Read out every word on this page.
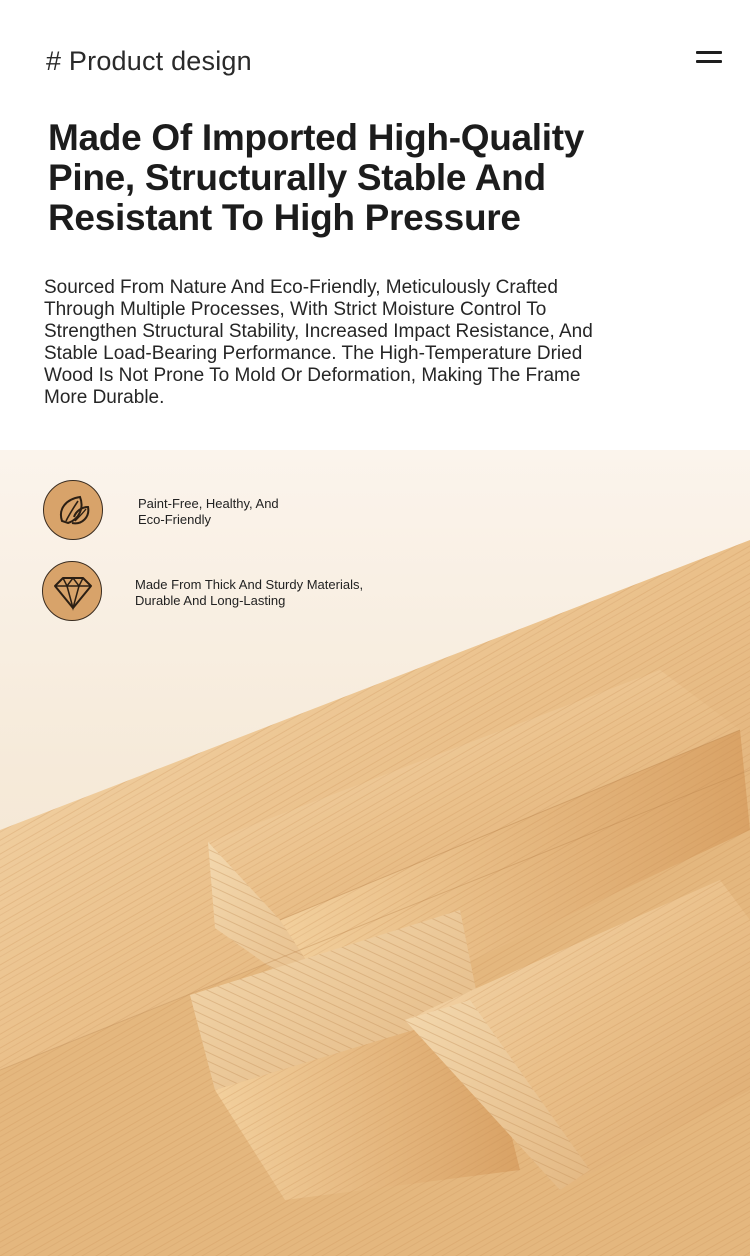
# Product design
Made Of Imported High-Quality
Pine, Structurally Stable And
Resistant To High Pressure

Sourced From Nature And Eco-Friendly, Meticulously Crafted
Through Multiple Processes, With Strict Moisture Control To
Strengthen Structural Stability, Increased Impact Resistance, And
Stable Load-Bearing Performance. The High-Temperature Dried
Wood Is Not Prone To Mold Or Deformation, Making The Frame
More Durable.

Paint-Free, Healthy, And
Eco-Friendly
Made From Thick And Sturdy Materials,
Durable And Long-Lasting
